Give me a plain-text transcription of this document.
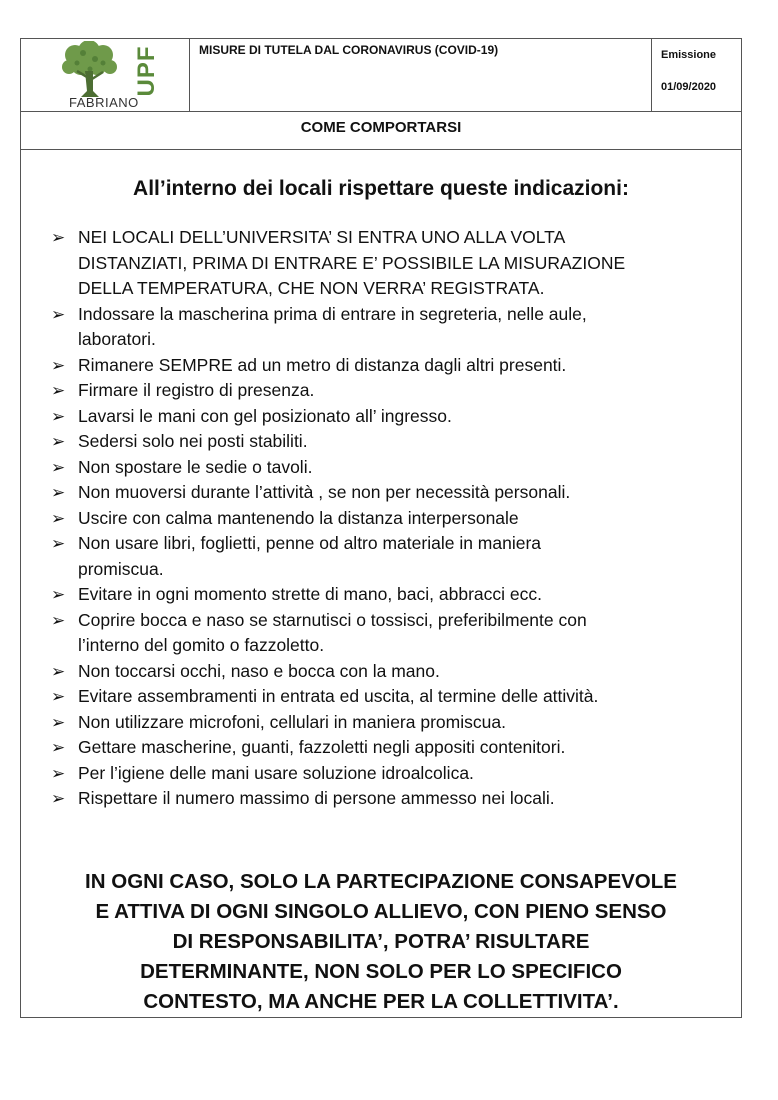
UPF
FABRIANO
MISURE DI TUTELA DAL CORONAVIRUS (COVID-19)	Emissione
01/09/2020
COME COMPORTARSI
All’interno dei locali rispettare queste indicazioni:
➢ NEI LOCALI DELL’UNIVERSITA’ SI ENTRA UNO ALLA VOLTA
DISTANZIATI, PRIMA DI ENTRARE E’ POSSIBILE LA MISURAZIONE
DELLA TEMPERATURA, CHE NON VERRA’ REGISTRATA.
➢ Indossare la mascherina prima di entrare in segreteria, nelle aule,
laboratori.
➢ Rimanere SEMPRE ad un metro di distanza dagli altri presenti.
➢ Firmare il registro di presenza.
➢ Lavarsi le mani con gel posizionato all’ ingresso.
➢ Sedersi solo nei posti stabiliti.
➢ Non spostare le sedie o tavoli.
➢ Non muoversi durante l’attività , se non per necessità personali.
➢ Uscire con calma mantenendo la distanza interpersonale
➢ Non usare libri, foglietti, penne od altro materiale in maniera
promiscua.
➢ Evitare in ogni momento strette di mano, baci, abbracci ecc.
➢ Coprire bocca e naso se starnutisci o tossisci, preferibilmente con
l’interno del gomito o fazzoletto.
➢ Non toccarsi occhi, naso e bocca con la mano.
➢ Evitare assembramenti in entrata ed uscita, al termine delle attività.
➢ Non utilizzare microfoni, cellulari in maniera promiscua.
➢ Gettare mascherine, guanti, fazzoletti negli appositi contenitori.
➢ Per l’igiene delle mani usare soluzione idroalcolica.
➢ Rispettare il numero massimo di persone ammesso nei locali.
IN OGNI CASO, SOLO LA PARTECIPAZIONE CONSAPEVOLE
E ATTIVA DI OGNI SINGOLO ALLIEVO, CON PIENO SENSO
DI RESPONSABILITA’, POTRA’ RISULTARE
DETERMINANTE, NON SOLO PER LO SPECIFICO
CONTESTO, MA ANCHE PER LA COLLETTIVITA’.
